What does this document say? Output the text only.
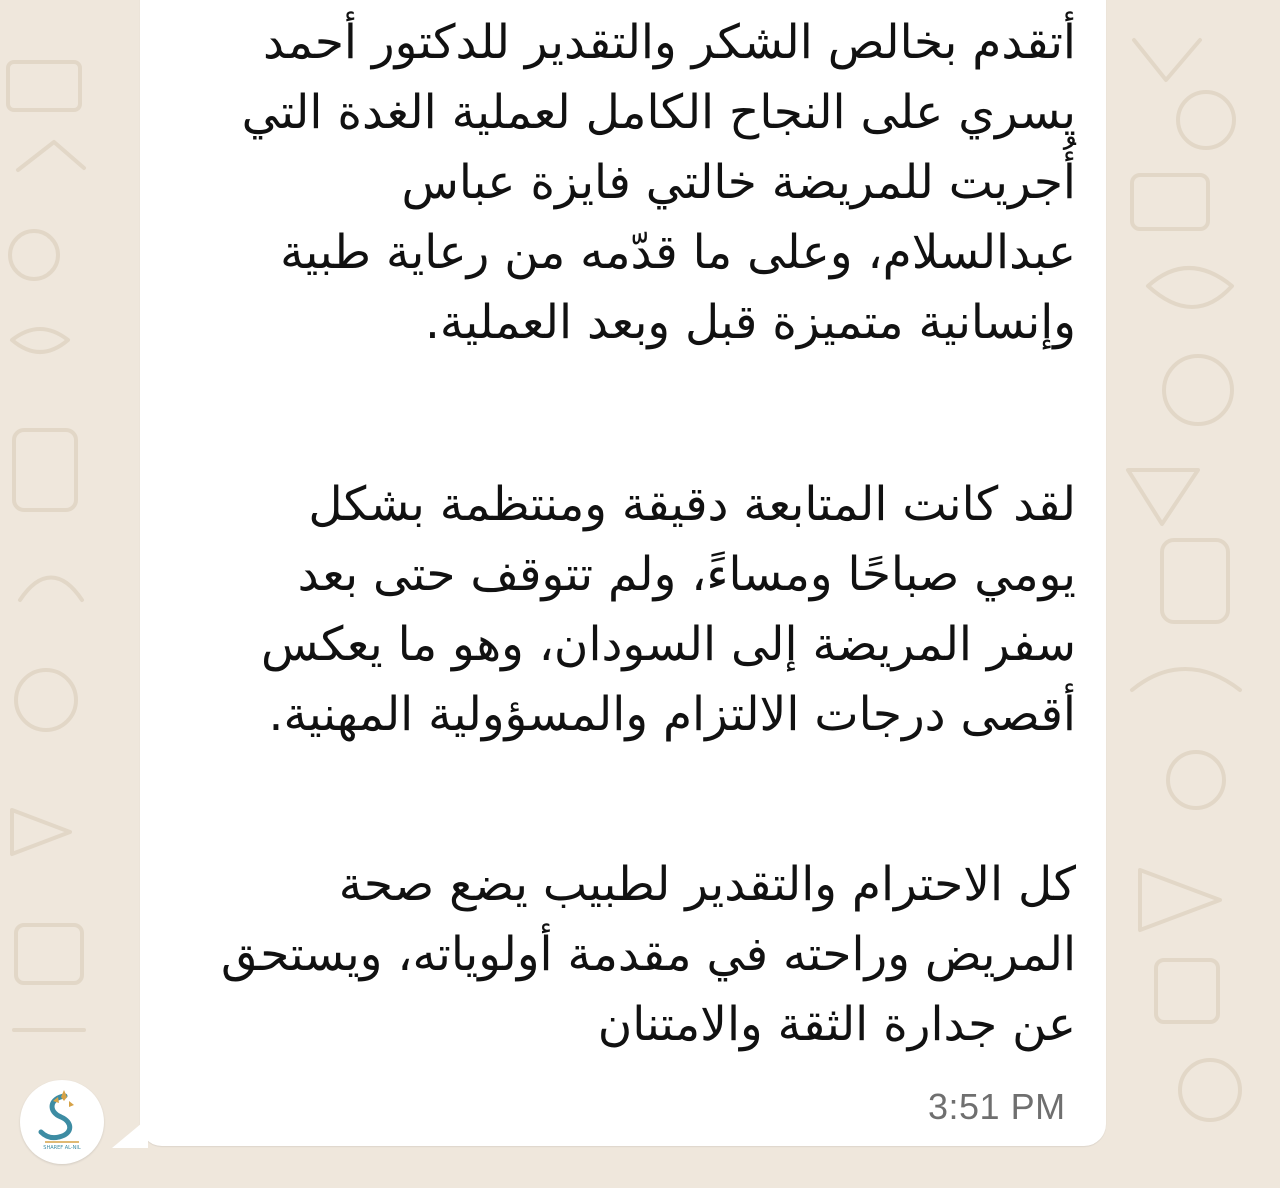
أتقدم بخالص الشكر والتقدير للدكتور أحمد
يسري على النجاح الكامل لعملية الغدة التي
أُجريت للمريضة خالتي فايزة عباس
عبدالسلام، وعلى ما قدّمه من رعاية طبية
وإنسانية متميزة قبل وبعد العملية.
لقد كانت المتابعة دقيقة ومنتظمة بشكل
يومي صباحًا ومساءً، ولم تتوقف حتى بعد
سفر المريضة إلى السودان، وهو ما يعكس
أقصى درجات الالتزام والمسؤولية المهنية.
كل الاحترام والتقدير لطبيب يضع صحة
المريض وراحته في مقدمة أولوياته، ويستحق
عن جدارة الثقة والامتنان
3:51 PM
SHAREF AL-NIL
